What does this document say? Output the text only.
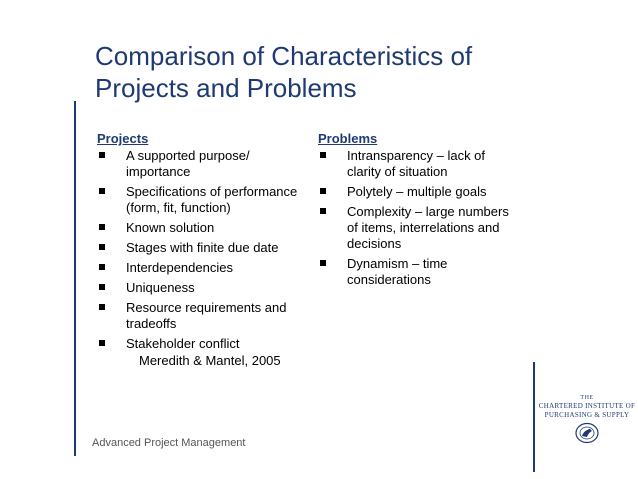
Comparison of Characteristics of Projects and Problems
Projects
A supported purpose/ importance
Specifications of performance (form, fit, function)
Known solution
Stages with finite due date
Interdependencies
Uniqueness
Resource requirements and tradeoffs
Stakeholder conflict
Meredith & Mantel, 2005
Problems
Intransparency – lack of clarity of situation
Polytely – multiple goals
Complexity – large numbers of items, interrelations and decisions
Dynamism – time considerations
Advanced Project Management
THE
CHARTERED INSTITUTE OF
PURCHASING & SUPPLY
